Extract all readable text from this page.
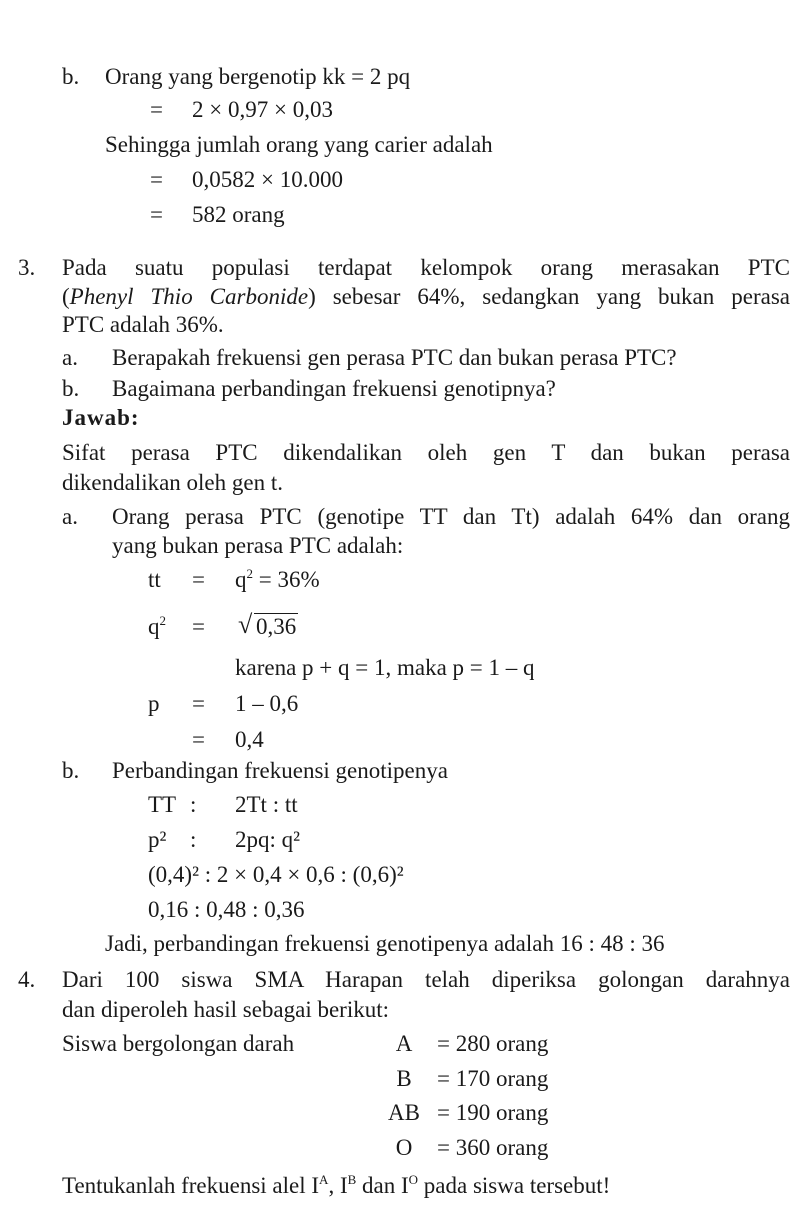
b. Orang yang bergenotip kk = 2 pq
= 2 × 0,97 × 0,03
Sehingga jumlah orang yang carier adalah
= 0,0582 × 10.000
= 582 orang
3. Pada suatu populasi terdapat kelompok orang merasakan PTC
(Phenyl Thio Carbonide) sebesar 64%, sedangkan yang bukan perasa
PTC adalah 36%.
a. Berapakah frekuensi gen perasa PTC dan bukan perasa PTC?
b. Bagaimana perbandingan frekuensi genotipnya?
Jawab:
Sifat perasa PTC dikendalikan oleh gen T dan bukan perasa
dikendalikan oleh gen t.
a. Orang perasa PTC (genotipe TT dan Tt) adalah 64% dan orang
yang bukan perasa PTC adalah:
tt = $q^2 = 36\%$
$q^2$ = √ 0,36
karena p + q = 1, maka p = 1 – q
p = 1 – 0,6
= 0,4
b. Perbandingan frekuensi genotipenya
TT : 2Tt : tt
p² : 2pq: q²
(0,4)² : 2 × 0,4 × 0,6 : (0,6)²
0,16 : 0,48 : 0,36
Jadi, perbandingan frekuensi genotipenya adalah 16 : 48 : 36
4. Dari 100 siswa SMA Harapan telah diperiksa golongan darahnya
dan diperoleh hasil sebagai berikut:
Siswa bergolongan darah	A	= 280 orang
B	= 170 orang
AB = 190 orang
O	= 360 orang
Tentukanlah frekuensi alel $I^A$, $I^B$ dan $I^O$ pada siswa tersebut!
